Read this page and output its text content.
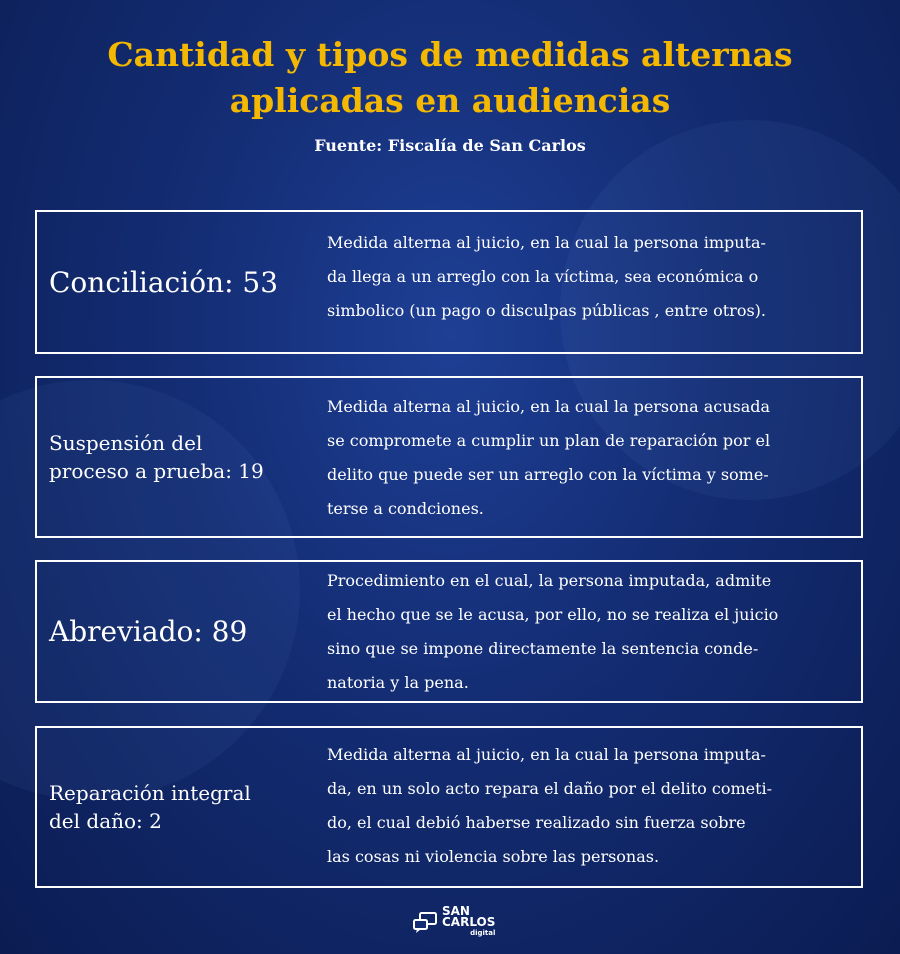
Cantidad y tipos de medidas alternas
aplicadas en audiencias
Fuente: Fiscalía de San Carlos
Conciliación: 53
Medida alterna al juicio, en la cual la persona imputa-
da llega a un arreglo con la víctima, sea económica o
simbolico (un pago o disculpas públicas , entre otros).
Suspensión del
proceso a prueba: 19
Medida alterna al juicio, en la cual la persona acusada
se compromete a cumplir un plan de reparación por el
delito que puede ser un arreglo con la víctima y some-
terse a condciones.
Abreviado: 89
Procedimiento en el cual, la persona imputada, admite
el hecho que se le acusa, por ello, no se realiza el juicio
sino que se impone directamente la sentencia conde-
natoria y la pena.
Reparación integral
del daño: 2
Medida alterna al juicio, en la cual la persona imputa-
da, en un solo acto repara el daño por el delito cometi-
do, el cual debió haberse realizado sin fuerza sobre
las cosas ni violencia sobre las personas.
SAN
CARLOS
digital
